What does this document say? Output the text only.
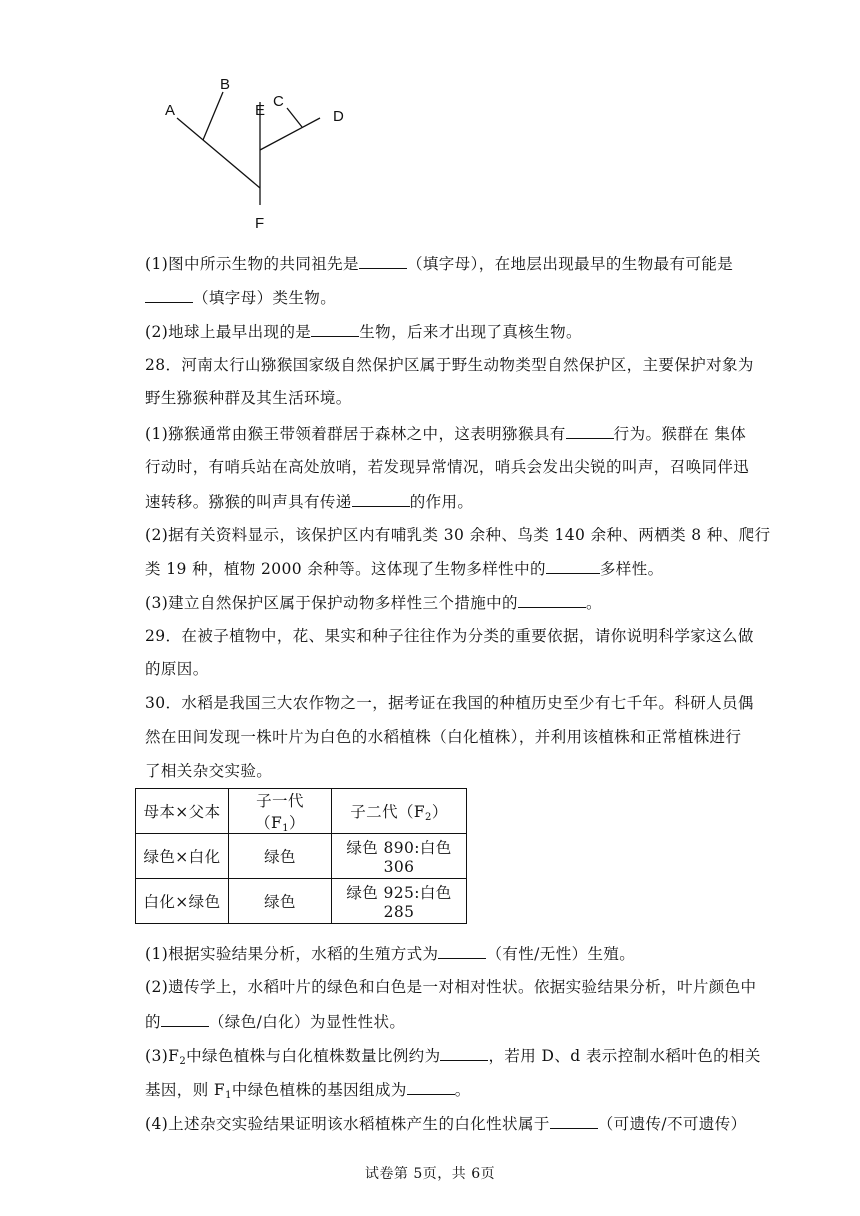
A
B
E
C
D
F
(1)图中所示生物的共同祖先是	（填字母），在地层出现最早的生物最有可能是
（填字母）类生物。
(2)地球上最早出现的是	生物，后来才出现了真核生物。
28．河南太行山猕猴国家级自然保护区属于野生动物类型自然保护区，主要保护对象为
野生猕猴种群及其生活环境。
(1)猕猴通常由猴王带领着群居于森林之中，这表明猕猴具有	行为。猴群在 集体
行动时，有哨兵站在高处放哨，若发现异常情况，哨兵会发出尖锐的叫声，召唤同伴迅
速转移。猕猴的叫声具有传递	的作用。
(2)据有关资料显示，该保护区内有哺乳类 30 余种、鸟类 140 余种、两栖类 8 种、爬行
类 19 种，植物 2000 余种等。这体现了生物多样性中的	多样性。
(3)建立自然保护区属于保护动物多样性三个措施中的	。
29．在被子植物中，花、果实和种子往往作为分类的重要依据，请你说明科学家这么做
的原因。
30．水稻是我国三大农作物之一，据考证在我国的种植历史至少有七千年。科研人员偶
然在田间发现一株叶片为白色的水稻植株（白化植株），并利用该植株和正常植株进行
了相关杂交实验。
母本×父本	子一代$(F_1)$	子二代$(F_2)$
绿色×白化	绿色	绿色 890:白色 306
白化×绿色	绿色	绿色 925:白色 285
(1)根据实验结果分析，水稻的生殖方式为	（有性/无性）生殖。
(2)遗传学上，水稻叶片的绿色和白色是一对相对性状。依据实验结果分析，叶片颜色中
的	（绿色/白化）为显性性状。
$(3)F_2$中绿色植株与白化植株数量比例约为	，若用 D、d 表示控制水稻叶色的相关
基因，则 $F_1$中绿色植株的基因组成为	。
(4)上述杂交实验结果证明该水稻植株产生的白化性状属于	（可遗传/不可遗传）
试卷第 5页，共 6页
